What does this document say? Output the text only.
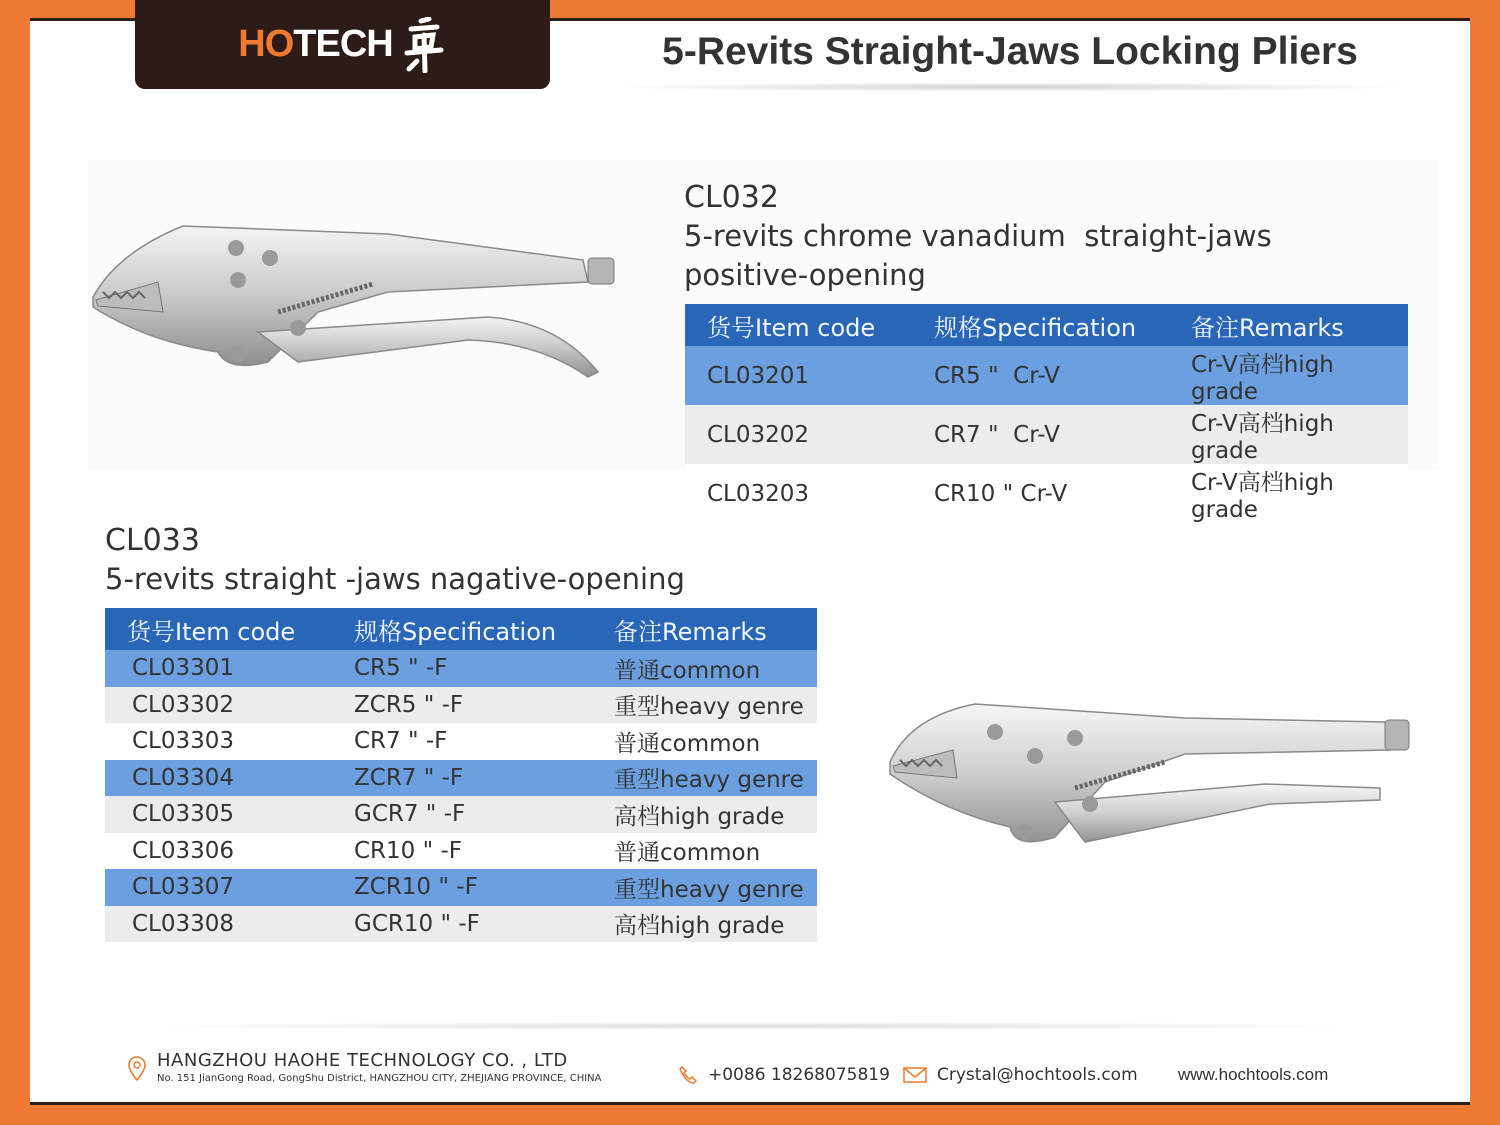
HOTECH	5-Revits Straight-Jaws Locking Pliers
CL032
5-revits chrome vanadium  straight-jaws
positive-opening
货号Item code	规格Specification	备注Remarks
CL03201	CR5 "  Cr-V	Cr-V高档high grade
CL03202	CR7 "  Cr-V	Cr-V高档high grade
CL03203	CR10 " Cr-V	Cr-V高档high grade
CL033
5-revits straight -jaws nagative-opening
货号Item code	规格Specification	备注Remarks
CL03301	CR5 " -F	普通common
CL03302	ZCR5 " -F	重型heavy genre
CL03303	CR7 " -F	普通common
CL03304	ZCR7 " -F	重型heavy genre
CL03305	GCR7 " -F	高档high grade
CL03306	CR10 " -F	普通common
CL03307	ZCR10 " -F	重型heavy genre
CL03308	GCR10 " -F	高档high grade
HANGZHOU HAOHE TECHNOLOGY CO. , LTD
No. 151 JianGong Road, GongShu District, HANGZHOU CITY, ZHEJIANG PROVINCE, CHINA	+0086 18268075819	Crystal@hochtools.com www.hochtools.com
